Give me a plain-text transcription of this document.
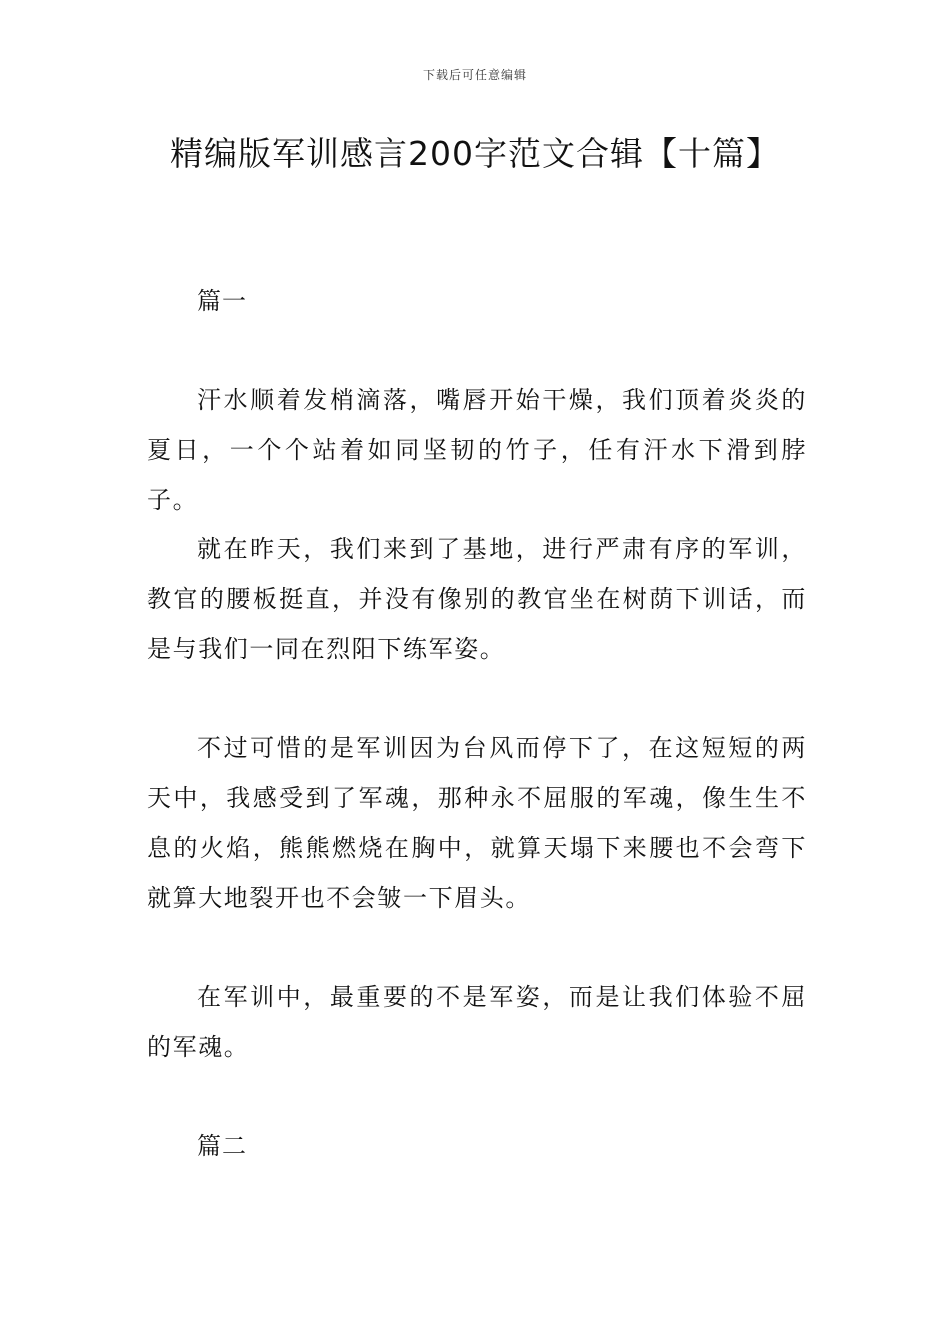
下载后可任意编辑
精编版军训感言200字范文合辑【十篇】

篇一

汗水顺着发梢滴落，嘴唇开始干燥，我们顶着炎炎的夏日，一个个站着如同坚韧的竹子，任有汗水下滑到脖子。

就在昨天，我们来到了基地，进行严肃有序的军训，教官的腰板挺直，并没有像别的教官坐在树荫下训话，而是与我们一同在烈阳下练军姿。

不过可惜的是军训因为台风而停下了，在这短短的两天中，我感受到了军魂，那种永不屈服的军魂，像生生不息的火焰，熊熊燃烧在胸中，就算天塌下来腰也不会弯下就算大地裂开也不会皱一下眉头。

在军训中，最重要的不是军姿，而是让我们体验不屈的军魂。

篇二
